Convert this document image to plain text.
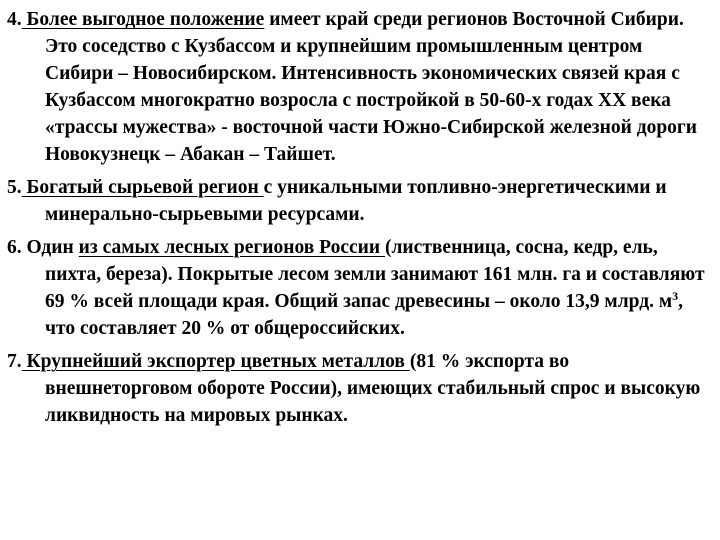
4. Более выгодное положение имеет край среди регионов Восточной Сибири. Это соседство с Кузбассом и крупнейшим промышленным центром Сибири – Новосибирском. Интенсивность экономических связей края с Кузбассом многократно возросла с постройкой в 50-60-х годах XX века «трассы мужества» - восточной части Южно-Сибирской железной дороги Новокузнецк – Абакан – Тайшет.
5. Богатый сырьевой регион с уникальными топливно-энергетическими и минерально-сырьевыми ресурсами.
6. Один из самых лесных регионов России (лиственница, сосна, кедр, ель, пихта, береза). Покрытые лесом земли занимают 161 млн. га и составляют 69 % всей площади края. Общий запас древесины – около 13,9 млрд. $м^3$, что составляет 20 % от общероссийских.
7. Крупнейший экспортер цветных металлов (81 % экспорта во внешнеторговом обороте России), имеющих стабильный спрос и высокую ликвидность на мировых рынках.
